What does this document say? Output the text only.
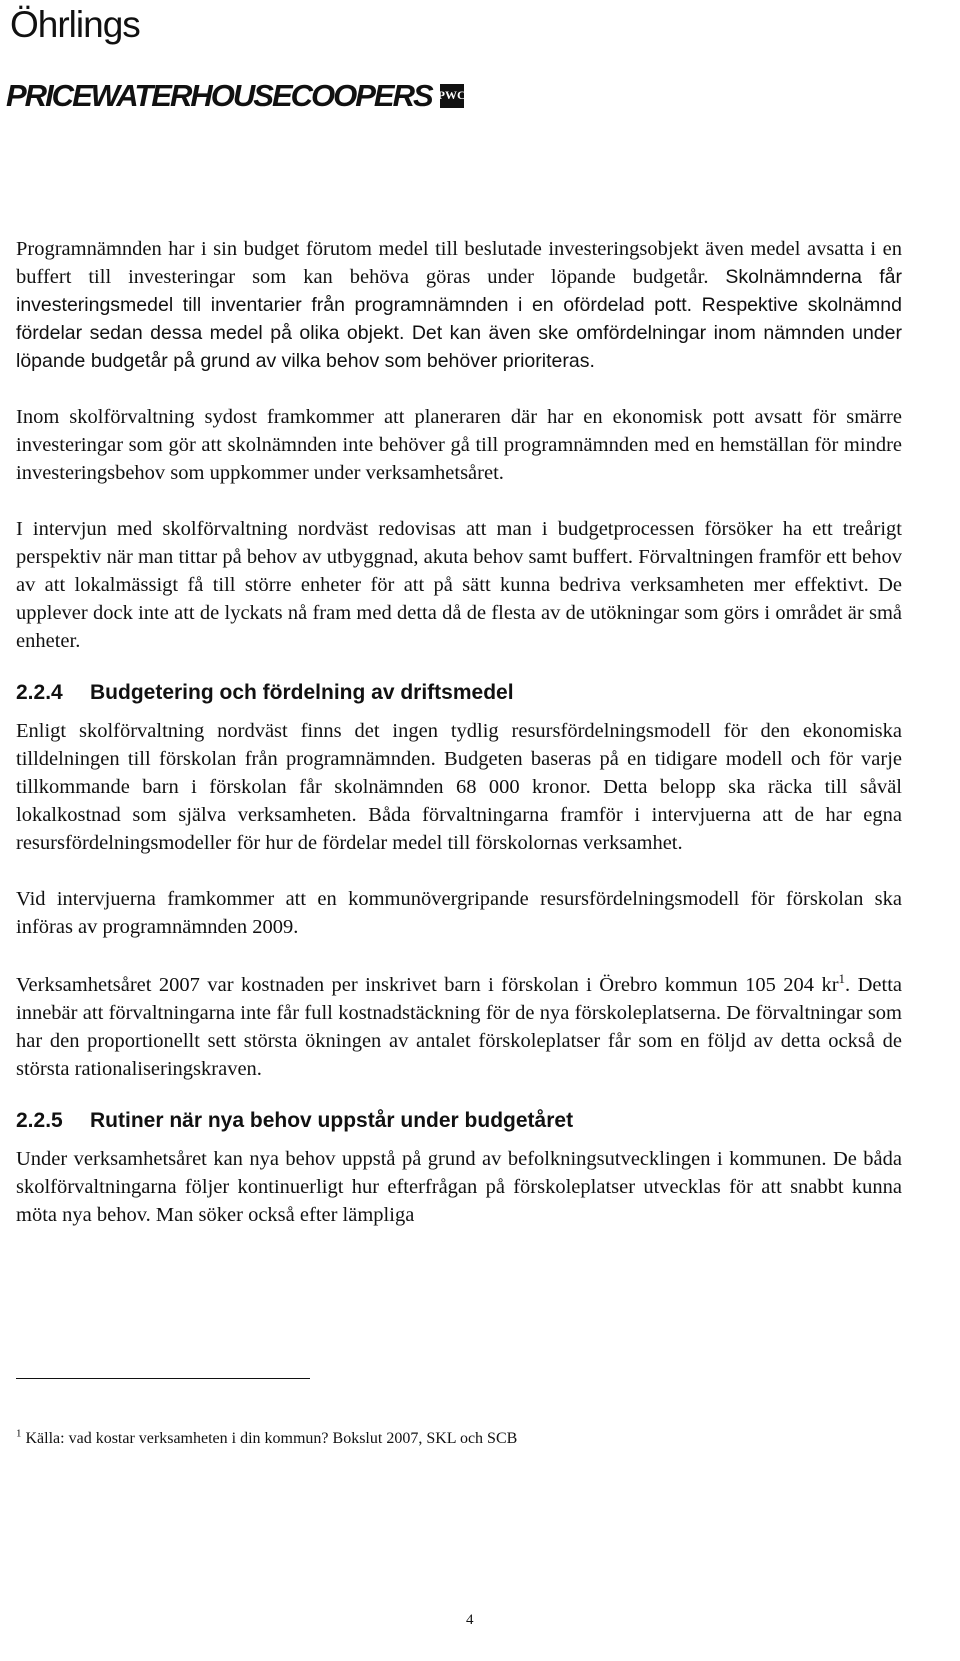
Öhrlings
PRICEWATERHOUSECOOPERS PWC

Programnämnden har i sin budget förutom medel till beslutade investeringsobjekt även medel avsatta i en buffert till investeringar som kan behöva göras under löpande budgetår. Skolnämnderna får investeringsmedel till inventarier från programnämnden i en ofördelad pott. Respektive skolnämnd fördelar sedan dessa medel på olika objekt. Det kan även ske omfördelningar inom nämnden under löpande budgetår på grund av vilka behov som behöver prioriteras.

Inom skolförvaltning sydost framkommer att planeraren där har en ekonomisk pott avsatt för smärre investeringar som gör att skolnämnden inte behöver gå till programnämnden med en hemställan för mindre investeringsbehov som uppkommer under verksamhetsåret.

I intervjun med skolförvaltning nordväst redovisas att man i budgetprocessen försöker ha ett treårigt perspektiv när man tittar på behov av utbyggnad, akuta behov samt buffert. Förvaltningen framför ett behov av att lokalmässigt få till större enheter för att på sätt kunna bedriva verksamheten mer effektivt. De upplever dock inte att de lyckats nå fram med detta då de flesta av de utökningar som görs i området är små enheter.

2.2.4 Budgetering och fördelning av driftsmedel

Enligt skolförvaltning nordväst finns det ingen tydlig resursfördelningsmodell för den ekonomiska tilldelningen till förskolan från programnämnden. Budgeten baseras på en tidigare modell och för varje tillkommande barn i förskolan får skolnämnden 68 000 kronor. Detta belopp ska räcka till såväl lokalkostnad som själva verksamheten. Båda förvaltningarna framför i intervjuerna att de har egna resursfördelningsmodeller för hur de fördelar medel till förskolornas verksamhet.

Vid intervjuerna framkommer att en kommunövergripande resursfördelningsmodell för förskolan ska införas av programnämnden 2009.

Verksamhetsåret 2007 var kostnaden per inskrivet barn i förskolan i Örebro kommun 105 204 $kr^1$. Detta innebär att förvaltningarna inte får full kostnadstäckning för de nya förskoleplatserna. De förvaltningar som har den proportionellt sett största ökningen av antalet förskoleplatser får som en följd av detta också de största rationaliseringskraven.

2.2.5 Rutiner när nya behov uppstår under budgetåret

Under verksamhetsåret kan nya behov uppstå på grund av befolkningsutvecklingen i kommunen. De båda skolförvaltningarna följer kontinuerligt hur efterfrågan på förskoleplatser utvecklas för att snabbt kunna möta nya behov. Man söker också efter lämpliga

$^1$ Källa: vad kostar verksamheten i din kommun? Bokslut 2007, SKL och SCB
4
